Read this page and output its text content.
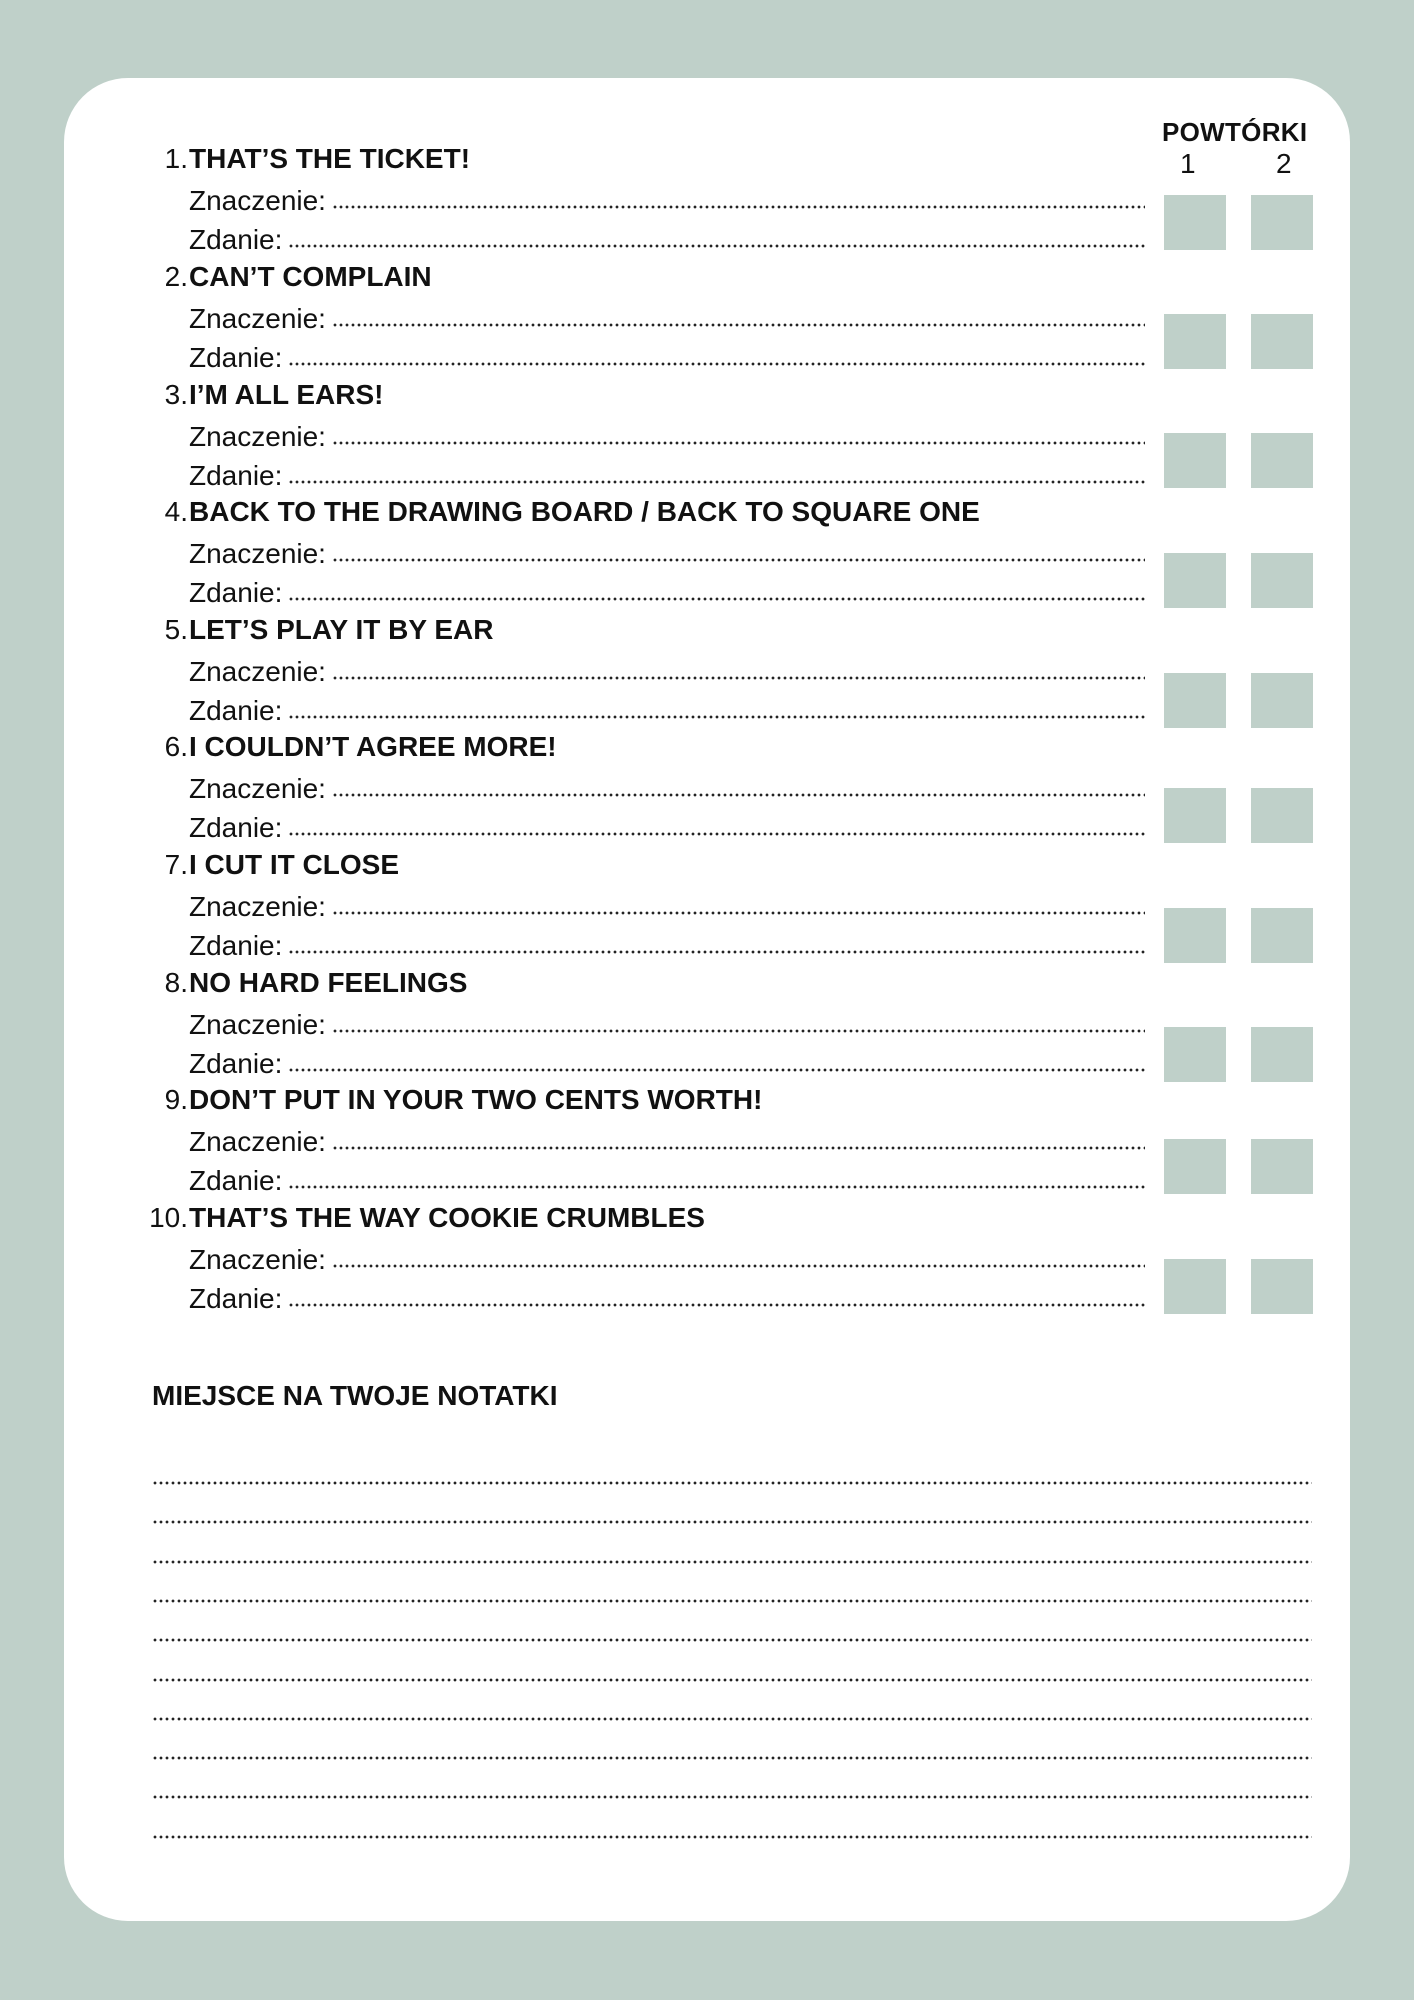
POWTÓRKI
1	2
1. THAT’S THE TICKET!
Znaczenie:
Zdanie:
2. CAN’T COMPLAIN
Znaczenie:
Zdanie:
3. I’M ALL EARS!
Znaczenie:
Zdanie:
4. BACK TO THE DRAWING BOARD / BACK TO SQUARE ONE
Znaczenie:
Zdanie:
5. LET’S PLAY IT BY EAR
Znaczenie:
Zdanie:
6. I COULDN’T AGREE MORE!
Znaczenie:
Zdanie:
7. I CUT IT CLOSE
Znaczenie:
Zdanie:
8. NO HARD FEELINGS
Znaczenie:
Zdanie:
9. DON’T PUT IN YOUR TWO CENTS WORTH!
Znaczenie:
Zdanie:
10. THAT’S THE WAY COOKIE CRUMBLES
Znaczenie:
Zdanie:
MIEJSCE NA TWOJE NOTATKI
